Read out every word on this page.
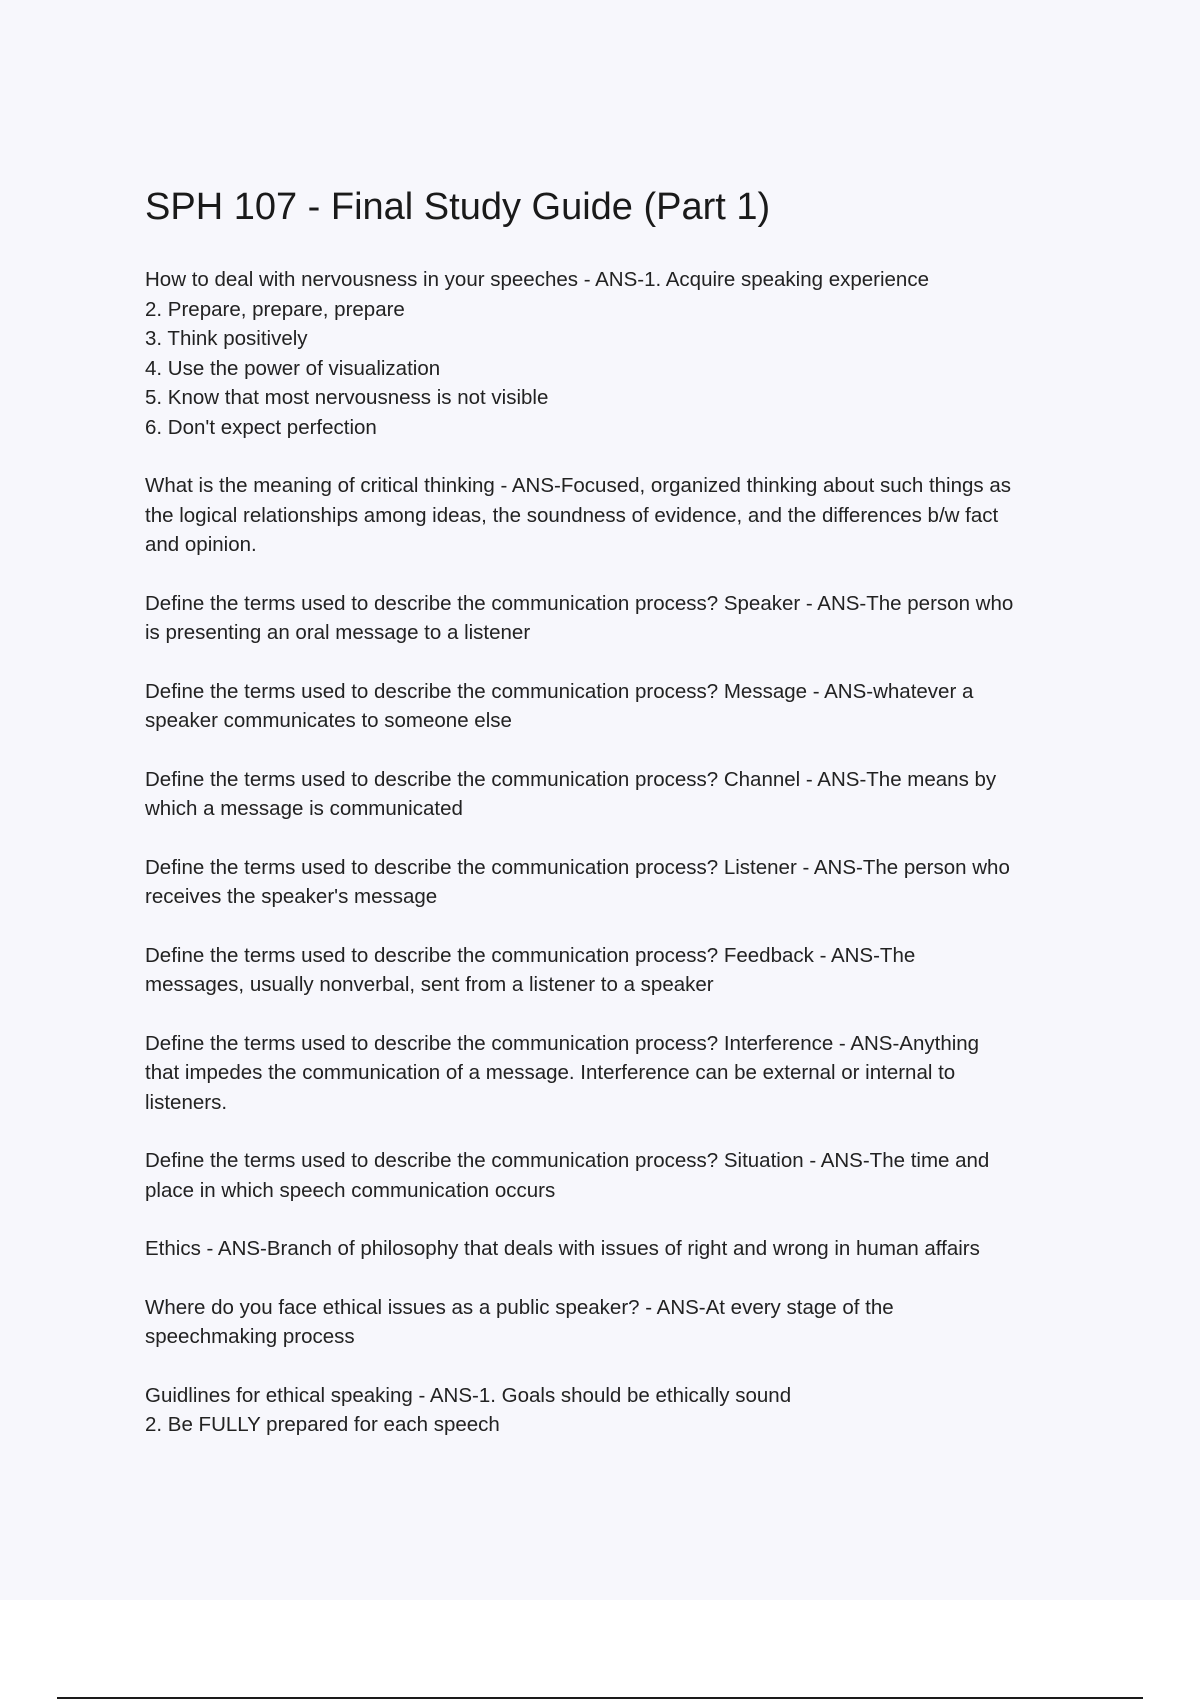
SPH 107 - Final Study Guide (Part 1)

How to deal with nervousness in your speeches - ANS-1. Acquire speaking experience
2. Prepare, prepare, prepare
3. Think positively
4. Use the power of visualization
5. Know that most nervousness is not visible
6. Don't expect perfection

What is the meaning of critical thinking - ANS-Focused, organized thinking about such things as
the logical relationships among ideas, the soundness of evidence, and the differences b/w fact
and opinion.

Define the terms used to describe the communication process? Speaker - ANS-The person who
is presenting an oral message to a listener

Define the terms used to describe the communication process? Message - ANS-whatever a
speaker communicates to someone else

Define the terms used to describe the communication process? Channel - ANS-The means by
which a message is communicated

Define the terms used to describe the communication process? Listener - ANS-The person who
receives the speaker's message

Define the terms used to describe the communication process? Feedback - ANS-The
messages, usually nonverbal, sent from a listener to a speaker

Define the terms used to describe the communication process? Interference - ANS-Anything
that impedes the communication of a message. Interference can be external or internal to
listeners.

Define the terms used to describe the communication process? Situation - ANS-The time and
place in which speech communication occurs

Ethics - ANS-Branch of philosophy that deals with issues of right and wrong in human affairs

Where do you face ethical issues as a public speaker? - ANS-At every stage of the
speechmaking process

Guidlines for ethical speaking - ANS-1. Goals should be ethically sound
2. Be FULLY prepared for each speech
